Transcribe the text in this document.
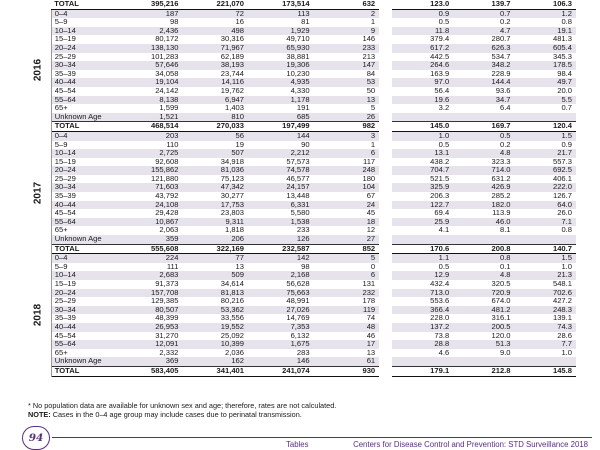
	TOTAL	395,216	221,070	173,514	632		123.0	139.7	106.3

2016	0–4	187	72	113	2		0.9	0.7	1.2
	5–9	98	16	81	1		0.5	0.2	0.8
	10–14	2,436	498	1,929	9		11.8	4.7	19.1
	15–19	80,172	30,316	49,710	146		379.4	280.7	481.3
	20–24	138,130	71,967	65,930	233		617.2	626.3	605.4
	25–29	101,283	62,189	38,881	213		442.5	534.7	345.3
	30–34	57,646	38,193	19,306	147		264.6	348.2	178.5
	35–39	34,058	23,744	10,230	84		163.9	228.9	98.4
	40–44	19,104	14,116	4,935	53		97.0	144.4	49.7
	45–54	24,142	19,762	4,330	50		56.4	93.6	20.0
	55–64	8,138	6,947	1,178	13		19.6	34.7	5.5
	65+	1,599	1,403	191	5		3.2	6.4	0.7
	Unknown Age	1,521	810	685	26				
	TOTAL	468,514	270,033	197,499	982		145.0	169.7	120.4

2017	0–4	203	56	144	3		1.0	0.5	1.5
	5–9	110	19	90	1		0.5	0.2	0.9
	10–14	2,725	507	2,212	6		13.1	4.8	21.7
	15–19	92,608	34,918	57,573	117		438.2	323.3	557.3
	20–24	155,862	81,036	74,578	248		704.7	714.0	692.5
	25–29	121,880	75,123	46,577	180		521.5	631.2	406.1
	30–34	71,603	47,342	24,157	104		325.9	426.9	222.0
	35–39	43,792	30,277	13,448	67		206.3	285.2	126.7
	40–44	24,108	17,753	6,331	24		122.7	182.0	64.0
	45–54	29,428	23,803	5,580	45		69.4	113.9	26.0
	55–64	10,867	9,311	1,538	18		25.9	46.0	7.1
	65+	2,063	1,818	233	12		4.1	8.1	0.8
	Unknown Age	359	206	126	27				
	TOTAL	555,608	322,169	232,587	852		170.6	200.8	140.7

2018	0–4	224	77	142	5		1.1	0.8	1.5
	5–9	111	13	98	0		0.5	0.1	1.0
	10–14	2,683	509	2,168	6		12.9	4.8	21.3
	15–19	91,373	34,614	56,628	131		432.4	320.5	548.1
	20–24	157,708	81,813	75,663	232		713.0	720.9	702.6
	25–29	129,385	80,216	48,991	178		553.6	674.0	427.2
	30–34	80,507	53,362	27,026	119		366.4	481.2	248.3
	35–39	48,399	33,556	14,769	74		228.0	316.1	139.1
	40–44	26,953	19,552	7,353	48		137.2	200.5	74.3
	45–54	31,270	25,092	6,132	46		73.8	120.0	28.6
	55–64	12,091	10,399	1,675	17		28.8	51.3	7.7
	65+	2,332	2,036	283	13		4.6	9.0	1.0
	Unknown Age	369	162	146	61				
	TOTAL	583,405	341,401	241,074	930		179.1	212.8	145.8
* No population data are available for unknown sex and age; therefore, rates are not calculated.
NOTE: Cases in the 0–4 age group may include cases due to perinatal transmission.
94
Tables	Centers for Disease Control and Prevention: STD Surveillance 2018
